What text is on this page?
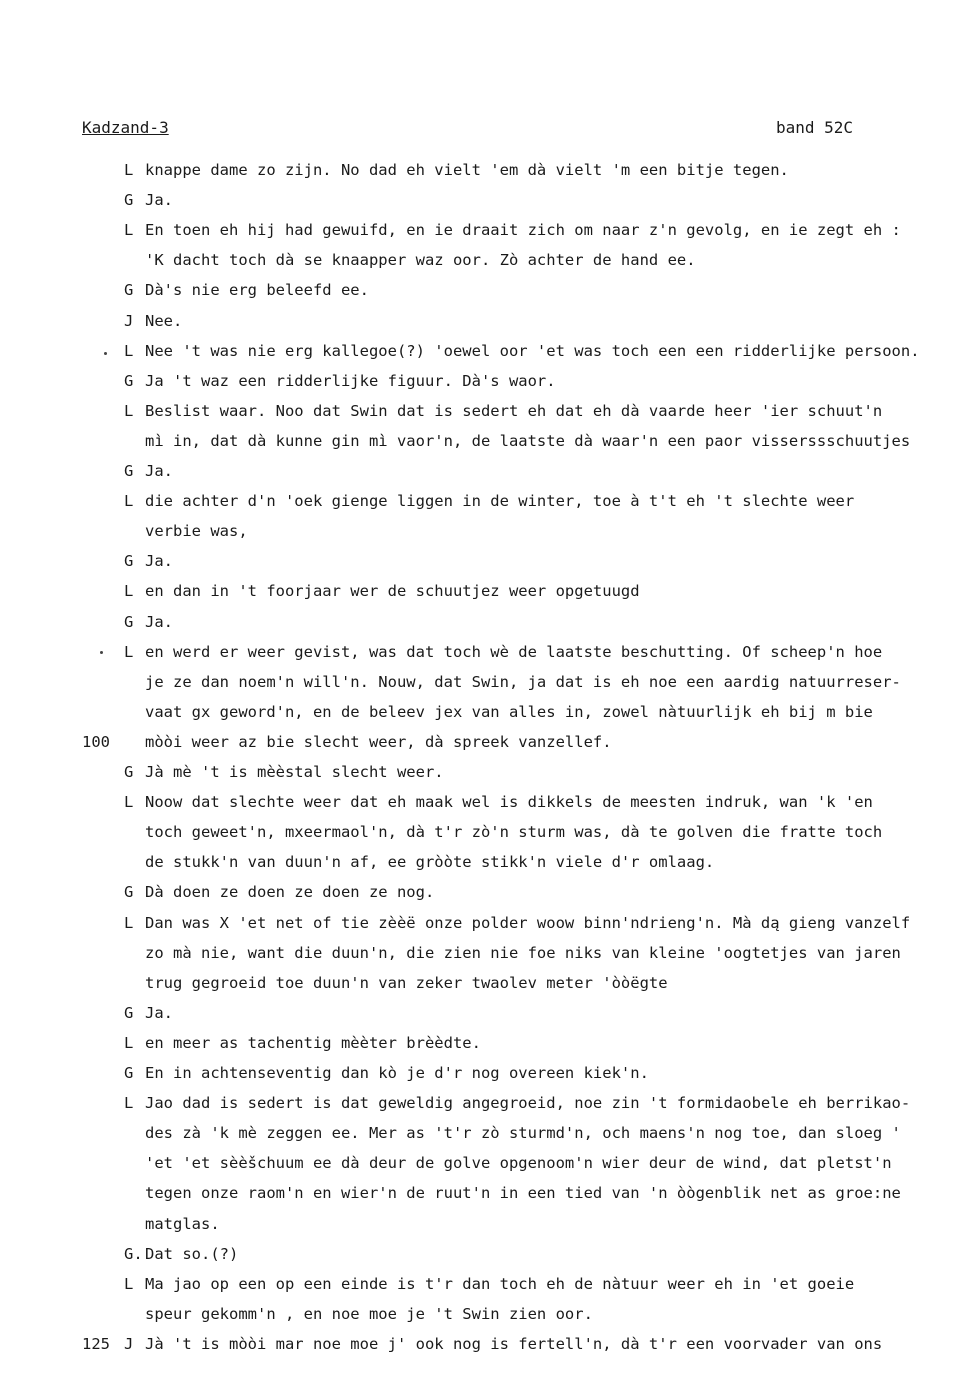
Kadzand-3	band 52C
L knappe dame zo zijn. No dad eh vielt 'em dà vielt 'm een bitje tegen.
G Ja.
L En toen eh hij had gewuifd, en ie draait zich om naar z'n gevolg, en ie zegt eh :
'K dacht toch dà se knaapper waz oor. Zò achter de hand ee.
G Dà's nie erg beleefd ee.
J Nee.
L Nee 't was nie erg kallegoe(?) 'oewel oor 'et was toch een een ridderlijke persoon.
G Ja 't waz een ridderlijke figuur. Dà's waor.
L Beslist waar. Noo dat Swin dat is sedert eh dat eh dà vaarde heer 'ier schuut'n
mì in, dat dà kunne gin mì vaor'n, de laatste dà waar'n een paor visserssschuutjes
G Ja.
L die achter d'n 'oek gienge liggen in de winter, toe à t't eh 't slechte weer
verbie was,
G Ja.
L en dan in 't foorjaar wer de schuutjez weer opgetuugd
G Ja.
L en werd er weer gevist, was dat toch wè de laatste beschutting. Of scheep'n hoe
je ze dan noem'n will'n. Nouw, dat Swin, ja dat is eh noe een aardig natuurreser-
vaat gx geword'n, en de beleev jex van alles in, zowel nàtuurlijk eh bij m bie
100 mòòi weer az bie slecht weer, dà spreek vanzellef.
G Jà mè 't is mèèstal slecht weer.
L Noow dat slechte weer dat eh maak wel is dikkels de meesten indruk, wan 'k 'en
toch geweet'n, mxeermaol'n, dà t'r zò'n sturm was, dà te golven die fratte toch
de stukk'n van duun'n af, ee gròòte stikk'n viele d'r omlaag.
G Dà doen ze doen ze doen ze nog.
L Dan was X 'et net of tie zèèë onze polder woow binn'ndrieng'n. Mà dą gieng vanzelf
zo mà nie, want die duun'n, die zien nie foe niks van kleine 'oogtetjes van jaren
trug gegroeid toe duun'n van zeker twaolev meter 'òòëgte
G Ja.
L en meer as tachentig mèèter brèèdte.
G En in achtenseventig dan kò je d'r nog overeen kiek'n.
L Jao dad is sedert is dat geweldig angegroeid, noe zin 't formidaobele eh berrikao-
des zà 'k mè zeggen ee. Mer as 't'r zò sturmd'n, och maens'n nog toe, dan sloeg '
'et 'et sèèšchuum ee dà deur de golve opgenoom'n wier deur de wind, dat pletst'n
tegen onze raom'n en wier'n de ruut'n in een tied van 'n òògenblik net as groe:ne
matglas.
G. Dat so.(?)
L Ma jao op een op een einde is t'r dan toch eh de nàtuur weer eh in 'et goeie
speur gekomm'n , en noe moe je 't Swin zien oor.
125 J Jà 't is mòòi mar noe moe j' ook nog is fertell'n, dà t'r een voorvader van ons
